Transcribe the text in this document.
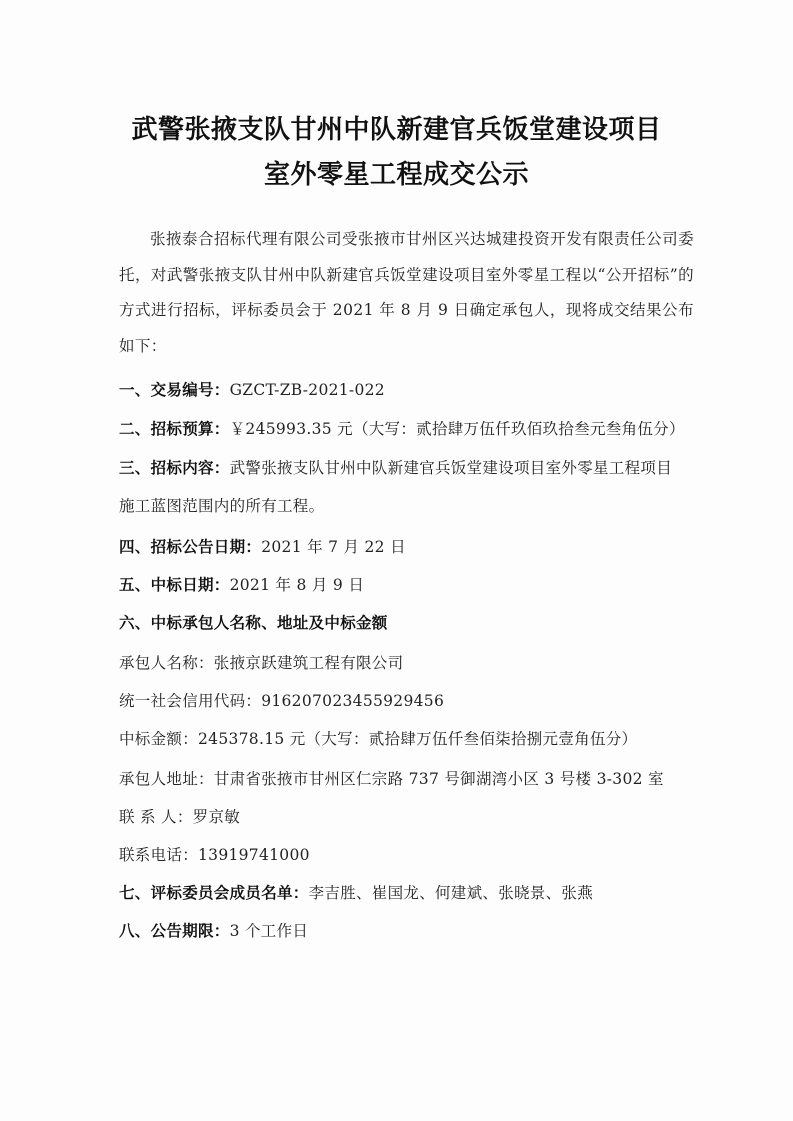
武警张掖支队甘州中队新建官兵饭堂建设项目
室外零星工程成交公示
张掖泰合招标代理有限公司受张掖市甘州区兴达城建投资开发有限责任公司委托，对武警张掖支队甘州中队新建官兵饭堂建设项目室外零星工程以“公开招标”的方式进行招标，评标委员会于 2021 年 8 月 9 日确定承包人，现将成交结果公布如下：
一、交易编号：GZCT-ZB-2021-022
二、招标预算：￥245993.35 元（大写：贰拾肆万伍仟玖佰玖拾叁元叁角伍分）
三、招标内容：武警张掖支队甘州中队新建官兵饭堂建设项目室外零星工程项目
施工蓝图范围内的所有工程。
四、招标公告日期：2021 年 7 月 22 日
五、中标日期：2021 年 8 月 9 日
六、中标承包人名称、地址及中标金额
承包人名称：张掖京跃建筑工程有限公司
统一社会信用代码：916207023455929456
中标金额：245378.15 元（大写：贰拾肆万伍仟叁佰柒拾捌元壹角伍分）
承包人地址：甘肃省张掖市甘州区仁宗路 737 号御湖湾小区 3 号楼 3-302 室
联 系 人：罗京敏
联系电话：13919741000
七、评标委员会成员名单：李吉胜、崔国龙、何建斌、张晓景、张燕
八、公告期限：3 个工作日
